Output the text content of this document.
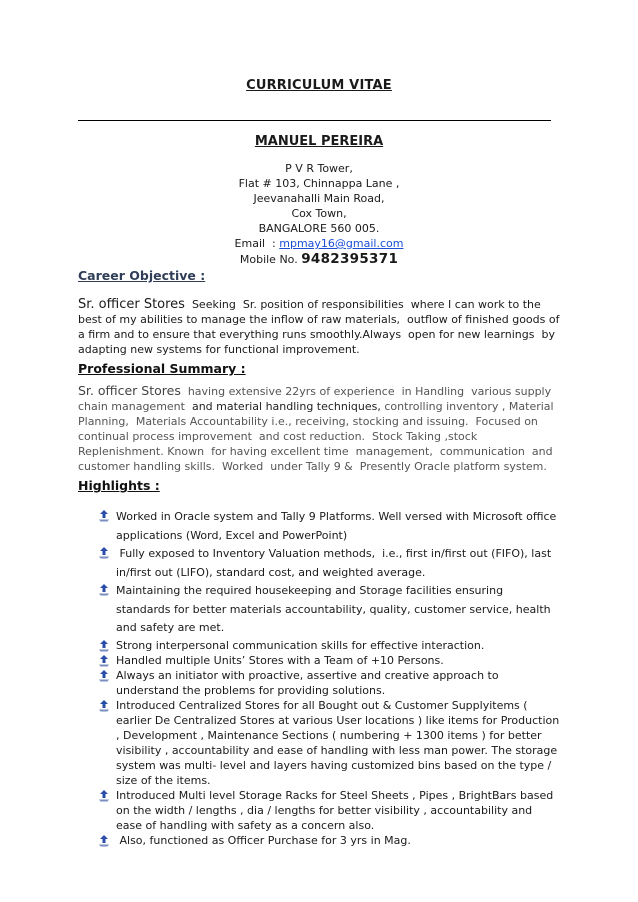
CURRICULUM VITAE
MANUEL PEREIRA
P V R Tower,
Flat # 103, Chinnappa Lane ,
Jeevanahalli Main Road,
Cox Town,
BANGALORE 560 005.
Email  : mpmay16@gmail.com
Mobile No. 9482395371
Career Objective :
Sr. officer Stores  Seeking  Sr. position of responsibilities  where I can work to the best of my abilities to manage the inflow of raw materials,  outflow of finished goods of a firm and to ensure that everything runs smoothly.Always  open for new learnings  by adapting new systems for functional improvement.
Professional Summary :
Sr. officer Stores  having extensive 22yrs of experience  in Handling  various supply chain management  and material handling techniques, controlling inventory , Material Planning,  Materials Accountability i.e., receiving, stocking and issuing.  Focused on continual process improvement  and cost reduction.  Stock Taking ,stock Replenishment. Known  for having excellent time  management,  communication  and customer handling skills.  Worked  under Tally 9 &  Presently Oracle platform system.
Highlights :
Worked in Oracle system and Tally 9 Platforms. Well versed with Microsoft office applications (Word, Excel and PowerPoint)
Fully exposed to Inventory Valuation methods,  i.e., first in/first out (FIFO), last in/first out (LIFO), standard cost, and weighted average.
Maintaining the required housekeeping and Storage facilities ensuring standards for better materials accountability, quality, customer service, health and safety are met.
Strong interpersonal communication skills for effective interaction.
Handled multiple Units’ Stores with a Team of +10 Persons.
Always an initiator with proactive, assertive and creative approach to understand the problems for providing solutions.
Introduced Centralized Stores for all Bought out & Customer Supplyitems ( earlier De Centralized Stores at various User locations ) like items for Production , Development , Maintenance Sections ( numbering + 1300 items ) for better visibility , accountability and ease of handling with less man power. The storage system was multi- level and layers having customized bins based on the type / size of the items.
Introduced Multi level Storage Racks for Steel Sheets , Pipes , BrightBars based on the width / lengths , dia / lengths for better visibility , accountability and ease of handling with safety as a concern also.
Also, functioned as Officer Purchase for 3 yrs in Mag.
